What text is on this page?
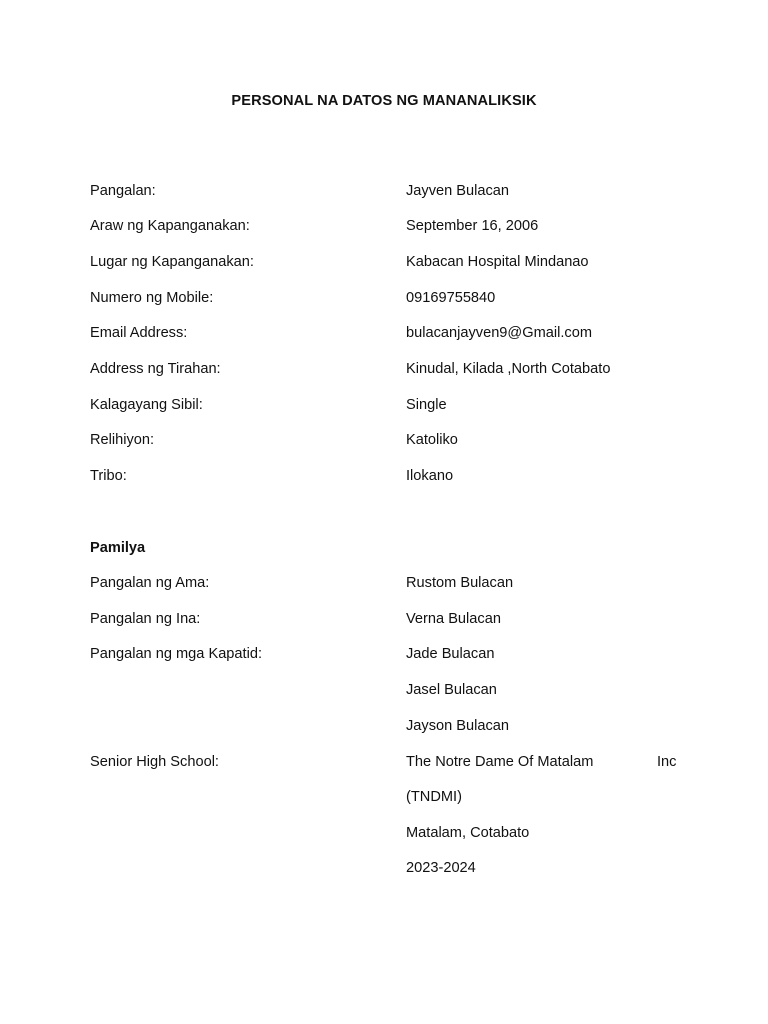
PERSONAL NA DATOS NG MANANALIKSIK
Pangalan:	Jayven Bulacan
Araw ng Kapanganakan:	September 16, 2006
Lugar ng Kapanganakan:	Kabacan Hospital Mindanao
Numero ng Mobile:	09169755840
Email Address:	bulacanjayven9@Gmail.com
Address ng Tirahan:	Kinudal, Kilada ,North Cotabato
Kalagayang Sibil:	Single
Relihiyon:	Katoliko
Tribo:	Ilokano
Pamilya
Pangalan ng Ama:	Rustom Bulacan
Pangalan ng Ina:	Verna Bulacan
Pangalan ng mga Kapatid:	Jade Bulacan
Jasel Bulacan
Jayson Bulacan
Senior High School:	The Notre Dame Of Matalam	Inc
(TNDMI)
Matalam, Cotabato
2023-2024
